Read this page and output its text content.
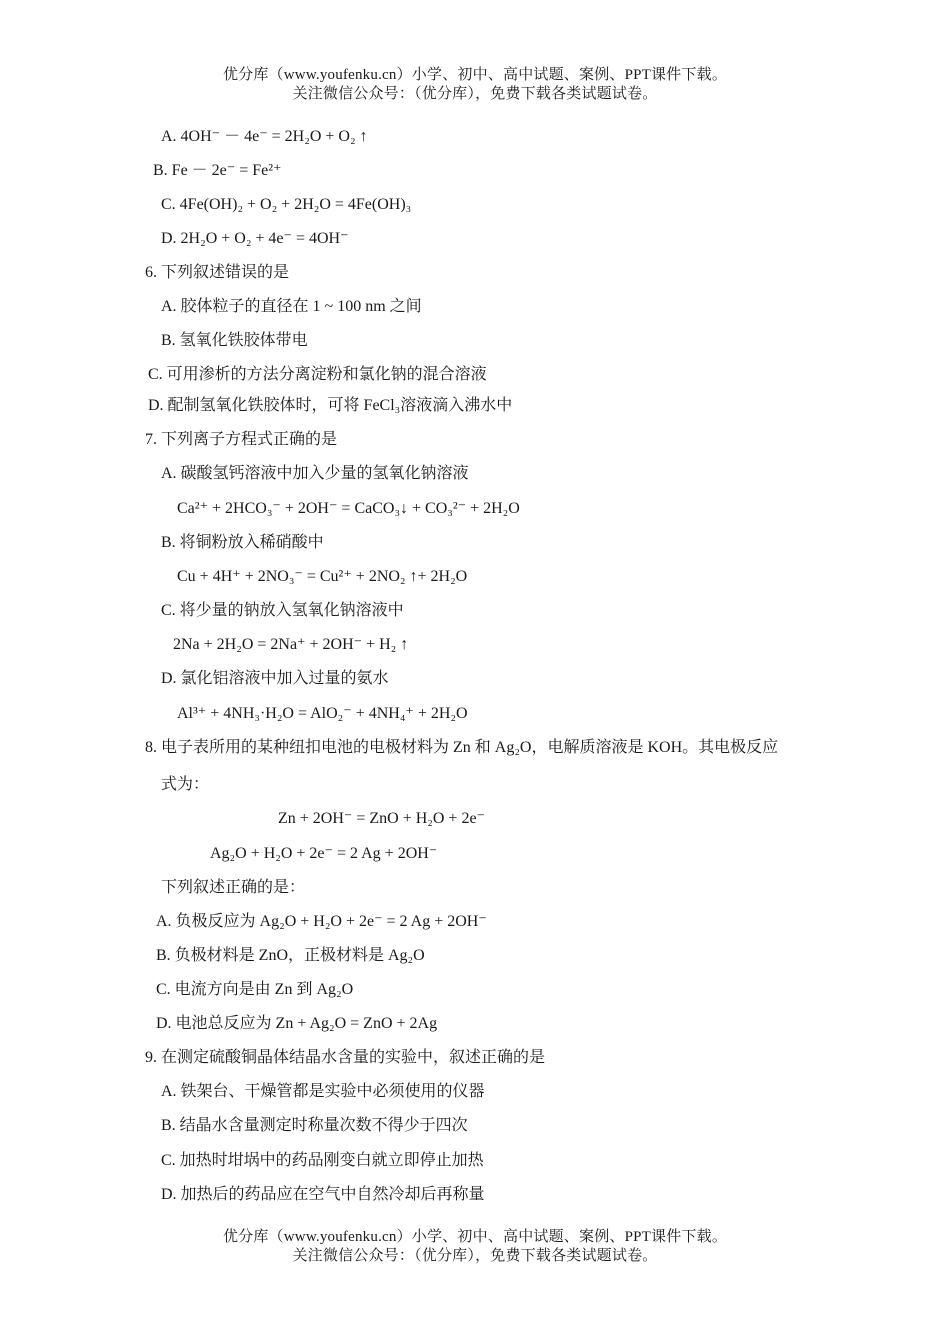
优分库（www.youfenku.cn）小学、初中、高中试题、案例、PPT课件下载。
关注微信公众号：（优分库），免费下载各类试题试卷。
A. 4OH⁻ － 4e⁻ = 2H₂O + O₂ ↑
B. Fe － 2e⁻ = Fe²⁺
C. 4Fe(OH)₂ + O₂ + 2H₂O = 4Fe(OH)₃
D. 2H₂O + O₂ + 4e⁻ = 4OH⁻
6. 下列叙述错误的是
A. 胶体粒子的直径在 1 ~ 100 nm 之间
B. 氢氧化铁胶体带电
C. 可用渗析的方法分离淀粉和氯化钠的混合溶液
D. 配制氢氧化铁胶体时，可将 FeCl₃溶液滴入沸水中
7. 下列离子方程式正确的是
A. 碳酸氢钙溶液中加入少量的氢氧化钠溶液
Ca²⁺ + 2HCO₃⁻ + 2OH⁻ = CaCO₃↓ + CO₃²⁻ + 2H₂O
B. 将铜粉放入稀硝酸中
Cu + 4H⁺ + 2NO₃⁻ = Cu²⁺ + 2NO₂ ↑+ 2H₂O
C. 将少量的钠放入氢氧化钠溶液中
2Na + 2H₂O = 2Na⁺ + 2OH⁻ + H₂ ↑
D. 氯化铝溶液中加入过量的氨水
Al³⁺ + 4NH₃·H₂O = AlO₂⁻ + 4NH₄⁺ + 2H₂O
8. 电子表所用的某种纽扣电池的电极材料为 Zn 和 Ag₂O，电解质溶液是 KOH。其电极反应
式为：
Zn + 2OH⁻ = ZnO + H₂O + 2e⁻
Ag₂O + H₂O + 2e⁻ = 2 Ag + 2OH⁻
下列叙述正确的是：
A. 负极反应为 Ag₂O + H₂O + 2e⁻ = 2 Ag + 2OH⁻
B. 负极材料是 ZnO，正极材料是 Ag₂O
C. 电流方向是由 Zn 到 Ag₂O
D. 电池总反应为 Zn + Ag₂O = ZnO + 2Ag
9. 在测定硫酸铜晶体结晶水含量的实验中，叙述正确的是
A. 铁架台、干燥管都是实验中必须使用的仪器
B. 结晶水含量测定时称量次数不得少于四次
C. 加热时坩埚中的药品刚变白就立即停止加热
D. 加热后的药品应在空气中自然冷却后再称量
优分库（www.youfenku.cn）小学、初中、高中试题、案例、PPT课件下载。
关注微信公众号：（优分库），免费下载各类试题试卷。
